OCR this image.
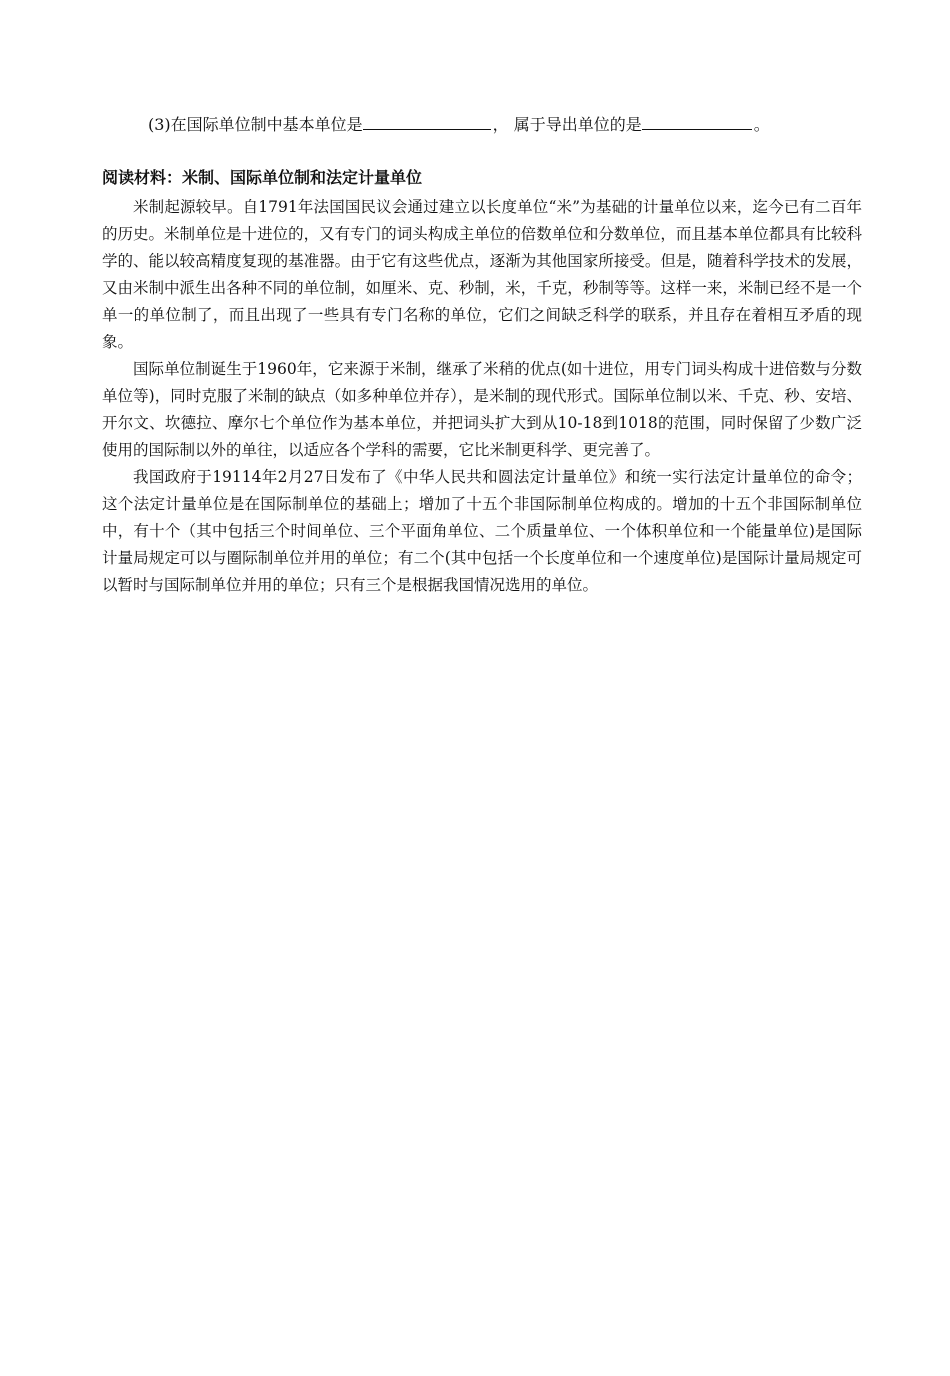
(3)在国际单位制中基本单位是	， 属于导出单位的是	。
阅读材料：米制、国际单位制和法定计量单位

米制起源较早。自1791年法国国民议会通过建立以长度单位“米”为基础的计量单位以来，迄今已有二百年的历史。米制单位是十进位的，又有专门的词头构成主单位的倍数单位和分数单位，而且基本单位都具有比较科学的、能以较高精度复现的基准器。由于它有这些优点，逐渐为其他国家所接受。但是，随着科学技术的发展，又由米制中派生出各种不同的单位制，如厘米、克、秒制，米，千克，秒制等等。这样一来，米制已经不是一个单一的单位制了，而且出现了一些具有专门名称的单位，它们之间缺乏科学的联系，并且存在着相互矛盾的现象。

国际单位制诞生于1960年，它来源于米制，继承了米稍的优点(如十进位，用专门词头构成十进倍数与分数单位等)，同时克服了米制的缺点（如多种单位并存），是米制的现代形式。国际单位制以米、千克、秒、安培、开尔文、坎德拉、摩尔七个单位作为基本单位，并把词头扩大到从10-18到1018的范围，同时保留了少数广泛使用的国际制以外的单往，以适应各个学科的需要，它比米制更科学、更完善了。

我国政府于19114年2月27日发布了《中华人民共和圆法定计量单位》和统一实行法定计量单位的命令；这个法定计量单位是在国际制单位的基础上；增加了十五个非国际制单位构成的。增加的十五个非国际制单位中，有十个（其中包括三个时间单位、三个平面角单位、二个质量单位、一个体积单位和一个能量单位)是国际计量局规定可以与圈际制单位并用的单位；有二个(其中包括一个长度单位和一个速度单位)是国际计量局规定可以暂时与国际制单位并用的单位；只有三个是根据我国情况选用的单位。
